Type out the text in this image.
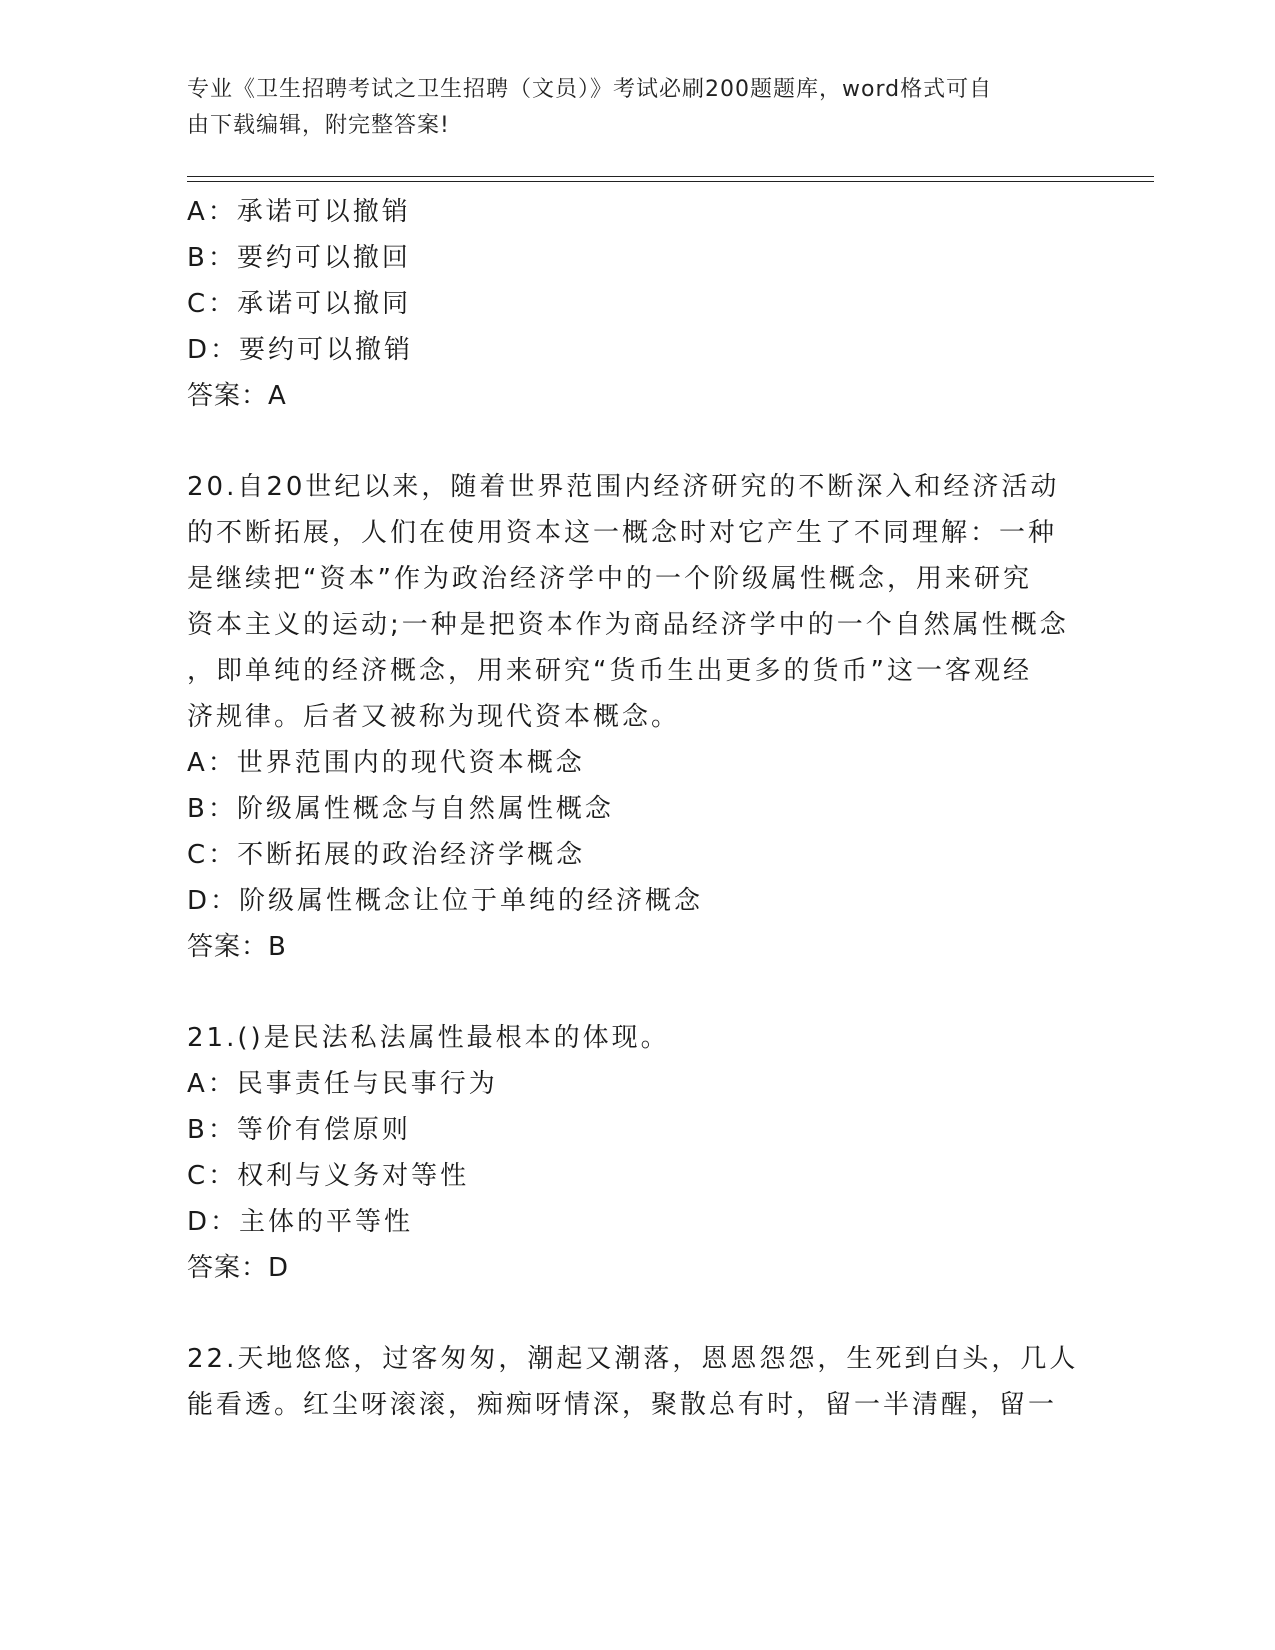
专业《卫生招聘考试之卫生招聘（文员）》考试必刷200题题库，word格式可自
由下载编辑，附完整答案!
A：承诺可以撤销
B：要约可以撤回
C：承诺可以撤同
D：要约可以撤销
答案：A
20.自20世纪以来，随着世界范围内经济研究的不断深入和经济活动
的不断拓展，人们在使用资本这一概念时对它产生了不同理解：一种
是继续把“资本”作为政治经济学中的一个阶级属性概念，用来研究
资本主义的运动;一种是把资本作为商品经济学中的一个自然属性概念
，即单纯的经济概念，用来研究“货币生出更多的货币”这一客观经
济规律。后者又被称为现代资本概念。
A：世界范围内的现代资本概念
B：阶级属性概念与自然属性概念
C：不断拓展的政治经济学概念
D：阶级属性概念让位于单纯的经济概念
答案：B
21.()是民法私法属性最根本的体现。
A：民事责任与民事行为
B：等价有偿原则
C：权利与义务对等性
D：主体的平等性
答案：D
22.天地悠悠，过客匆匆，潮起又潮落，恩恩怨怨，生死到白头，几人
能看透。红尘呀滚滚，痴痴呀情深，聚散总有时，留一半清醒，留一
